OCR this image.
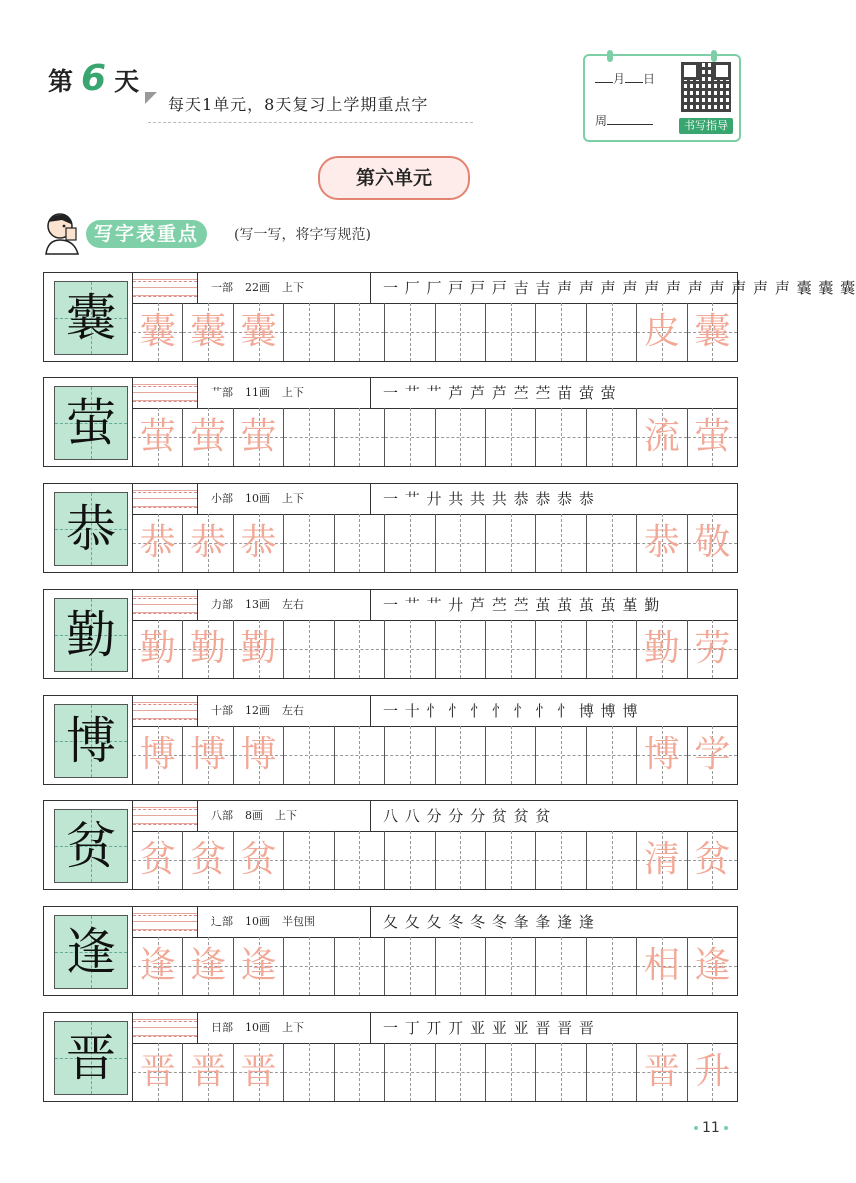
第 6 天
每天1单元，8天复习上学期重点字
月 日
周	书写指导
第六单元
写字表重点	(写一写，将字写规范)
囊
一部 22画 上下	一 厂 厂 戸 戸 戸 吉 吉 声 声 声 声 声 声 声 声 声 声 声 囊 囊 囊
囊 囊 囊	皮 囊
萤
艹部 11画 上下	一 艹 艹 芦 芦 芦 苎 苎 苗 萤 萤
萤 萤 萤	流 萤
恭
小部 10画 上下	一 艹 廾 共 共 共 恭 恭 恭 恭
恭 恭 恭	恭 敬
勤
力部 13画 左右	一 艹 艹 廾 芦 苎 苎 茧 茧 茧 茧 堇 勤
勤 勤 勤	勤 劳
博
十部 12画 左右	一 十 忄 忄 忄 忄 忄 忄 忄 博 博 博
博 博 博	博 学
贫
八部 8画 上下	八 八 分 分 分 贫 贫 贫
贫 贫 贫	清 贫
逢
辶部 10画 半包围	夂 夂 夂 冬 冬 冬 夆 夆 逢 逢
逢 逢 逢	相 逢
晋
日部 10画 上下	一 丁 丌 丌 亚 亚 亚 晋 晋 晋
晋 晋 晋	晋 升
11
